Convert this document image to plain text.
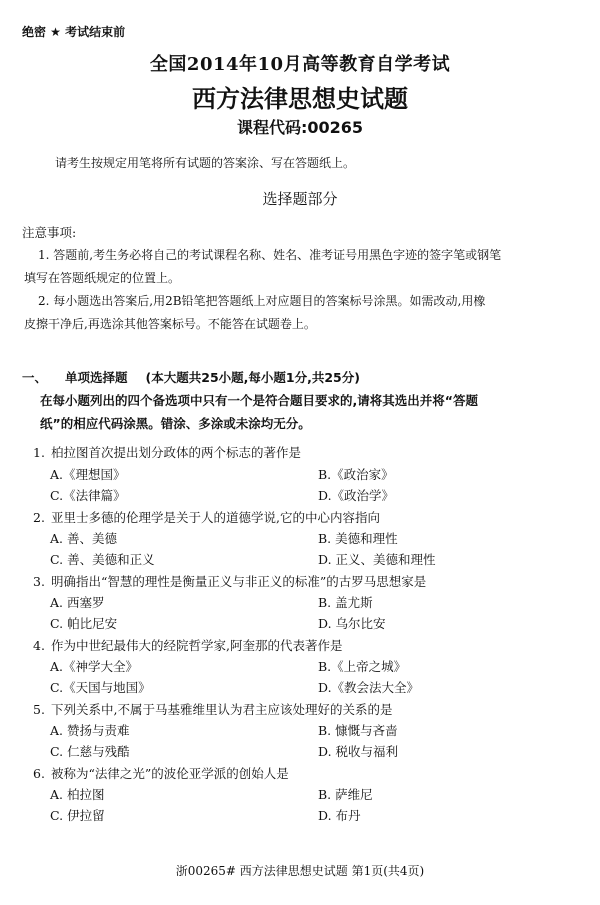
绝密 ★ 考试结束前
全国2014年10月高等教育自学考试
西方法律思想史试题
课程代码:00265
请考生按规定用笔将所有试题的答案涂、写在答题纸上。
选择题部分
注意事项:
1. 答题前,考生务必将自己的考试课程名称、姓名、准考证号用黑色字迹的签字笔或钢笔
填写在答题纸规定的位置上。
2. 每小题选出答案后,用2B铅笔把答题纸上对应题目的答案标号涂黑。如需改动,用橡
皮擦干净后,再选涂其他答案标号。不能答在试题卷上。
一、 单项选择题 (本大题共25小题,每小题1分,共25分)
在每小题列出的四个备选项中只有一个是符合题目要求的,请将其选出并将“答题
纸”的相应代码涂黑。错涂、多涂或未涂均无分。
1. 柏拉图首次提出划分政体的两个标志的著作是
A.《理想国》	B.《政治家》
C.《法律篇》	D.《政治学》
2. 亚里士多德的伦理学是关于人的道德学说,它的中心内容指向
A. 善、美德	B. 美德和理性
C. 善、美德和正义	D. 正义、美德和理性
3. 明确指出“智慧的理性是衡量正义与非正义的标准”的古罗马思想家是
A. 西塞罗	B. 盖尤斯
C. 帕比尼安	D. 乌尔比安
4. 作为中世纪最伟大的经院哲学家,阿奎那的代表著作是
A.《神学大全》	B.《上帝之城》
C.《天国与地国》	D.《教会法大全》
5. 下列关系中,不属于马基雅维里认为君主应该处理好的关系的是
A. 赞扬与责难	B. 慷慨与吝啬
C. 仁慈与残酷	D. 税收与福利
6. 被称为“法律之光”的波伦亚学派的创始人是
A. 柏拉图	B. 萨维尼
C. 伊拉留	D. 布丹
浙00265# 西方法律思想史试题 第1页(共4页)
